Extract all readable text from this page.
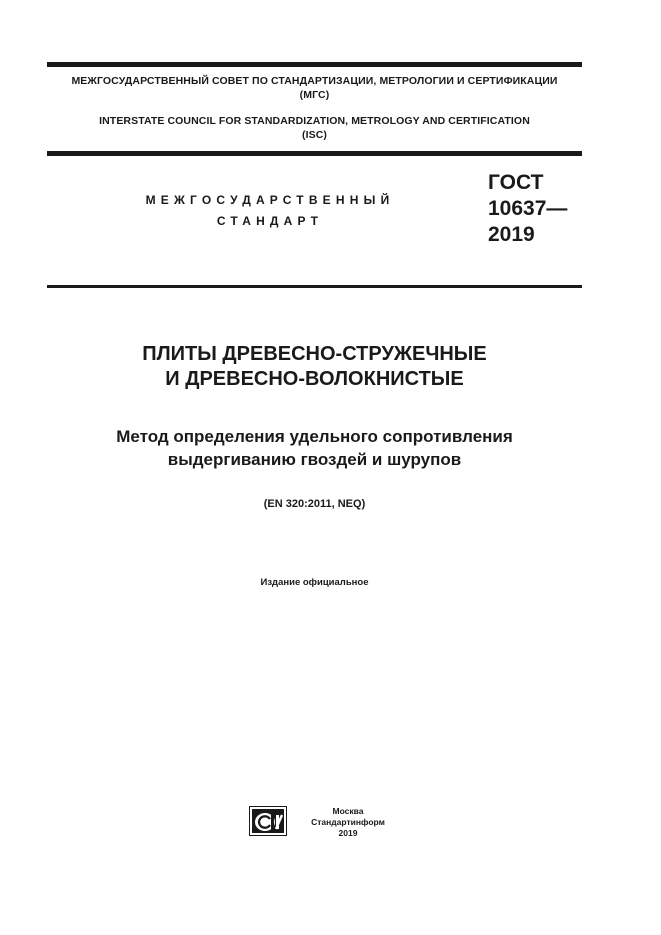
МЕЖГОСУДАРСТВЕННЫЙ СОВЕТ ПО СТАНДАРТИЗАЦИИ, МЕТРОЛОГИИ И СЕРТИФИКАЦИИ
(МГС)
INTERSTATE COUNCIL FOR STANDARDIZATION, METROLOGY AND CERTIFICATION
(ISC)
МЕЖГОСУДАРСТВЕННЫЙ
СТАНДАРТ
ГОСТ
10637—
2019
ПЛИТЫ ДРЕВЕСНО-СТРУЖЕЧНЫЕ
И ДРЕВЕСНО-ВОЛОКНИСТЫЕ
Метод определения удельного сопротивления
выдергиванию гвоздей и шурупов
(EN 320:2011, NEQ)
Издание официальное
Москва
Стандартинформ
2019
